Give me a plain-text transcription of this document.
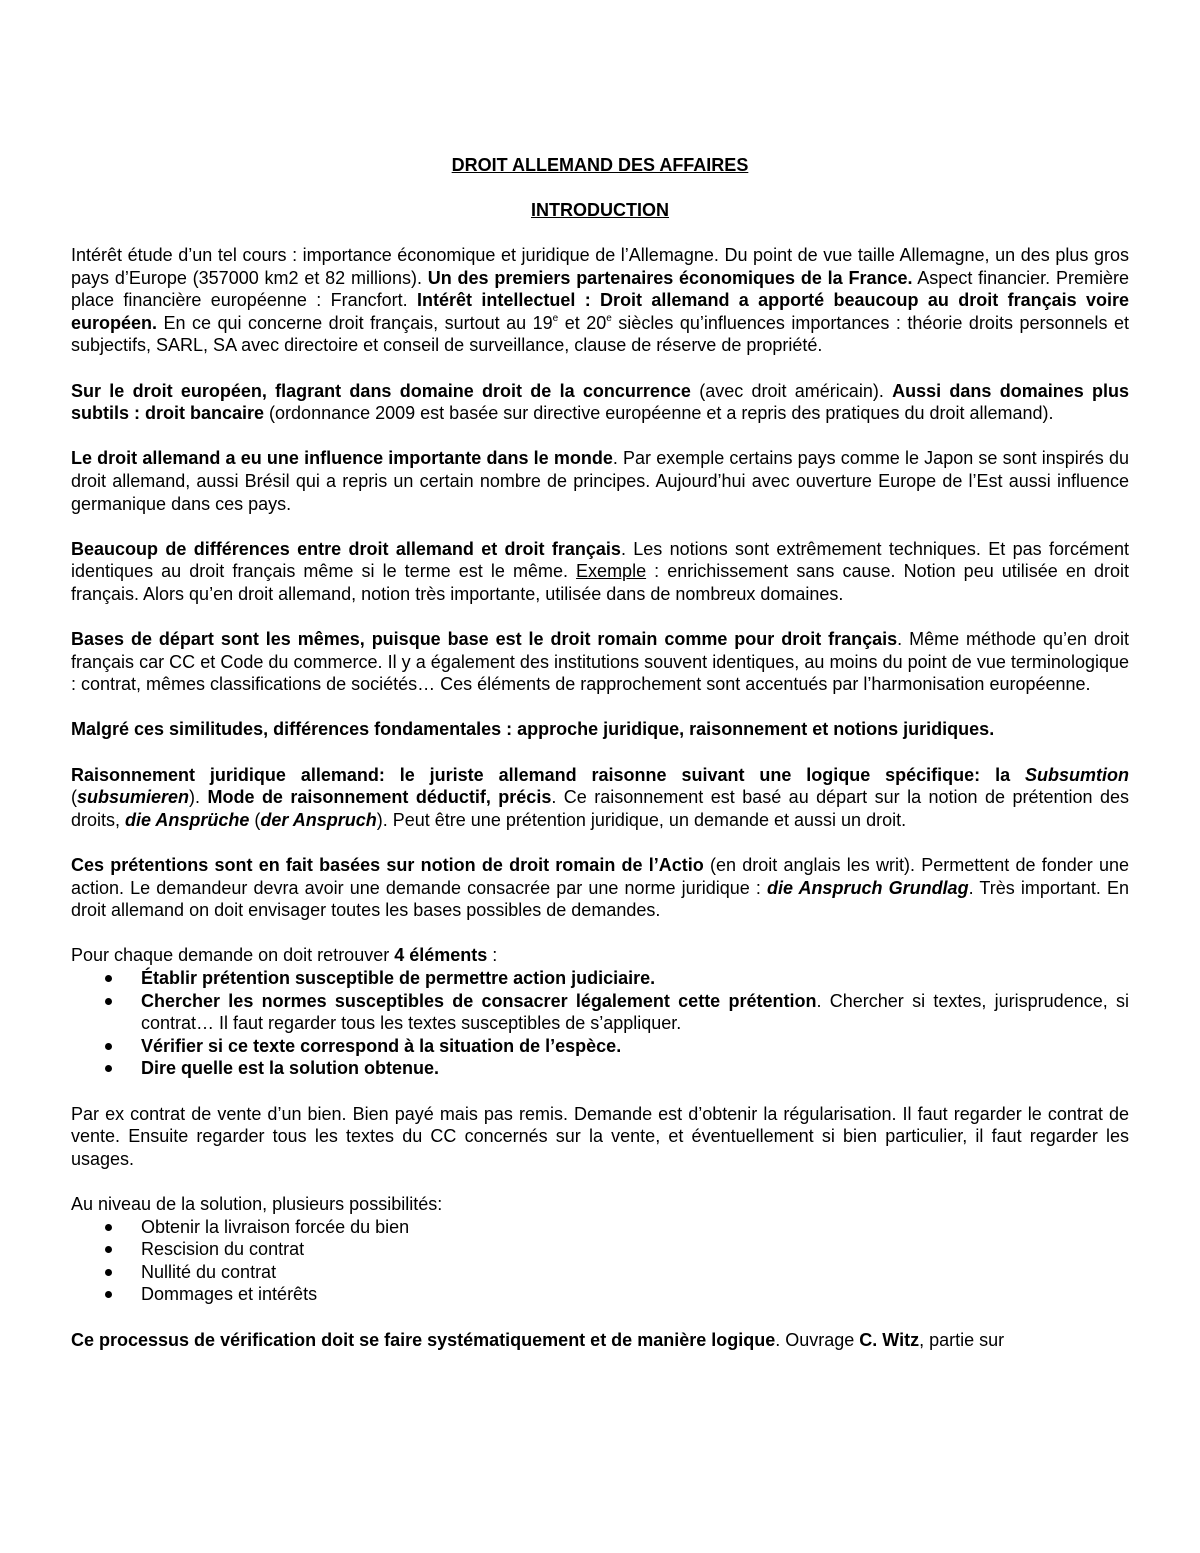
DROIT ALLEMAND DES AFFAIRES
INTRODUCTION

Intérêt étude d’un tel cours : importance économique et juridique de l’Allemagne. Du point de vue taille Allemagne, un des plus gros pays d’Europe (357000 km2 et 82 millions). Un des premiers partenaires économiques de la France. Aspect financier. Première place financière européenne : Francfort. Intérêt intellectuel : Droit allemand a apporté beaucoup au droit français voire européen. En ce qui concerne droit français, surtout au 19e et 20e siècles qu’influences importances : théorie droits personnels et subjectifs, SARL, SA avec directoire et conseil de surveillance, clause de réserve de propriété.

Sur le droit européen, flagrant dans domaine droit de la concurrence (avec droit américain). Aussi dans domaines plus subtils : droit bancaire (ordonnance 2009 est basée sur directive européenne et a repris des pratiques du droit allemand).

Le droit allemand a eu une influence importante dans le monde. Par exemple certains pays comme le Japon se sont inspirés du droit allemand, aussi Brésil qui a repris un certain nombre de principes. Aujourd’hui avec ouverture Europe de l’Est aussi influence germanique dans ces pays.

Beaucoup de différences entre droit allemand et droit français. Les notions sont extrêmement techniques. Et pas forcément identiques au droit français même si le terme est le même. Exemple : enrichissement sans cause. Notion peu utilisée en droit français. Alors qu’en droit allemand, notion très importante, utilisée dans de nombreux domaines.

Bases de départ sont les mêmes, puisque base est le droit romain comme pour droit français. Même méthode qu’en droit français car CC et Code du commerce. Il y a également des institutions souvent identiques, au moins du point de vue terminologique : contrat, mêmes classifications de sociétés… Ces éléments de rapprochement sont accentués par l’harmonisation européenne.

Malgré ces similitudes, différences fondamentales : approche juridique, raisonnement et notions juridiques.

Raisonnement juridique allemand: le juriste allemand raisonne suivant une logique spécifique: la Subsumtion (subsumieren). Mode de raisonnement déductif, précis. Ce raisonnement est basé au départ sur la notion de prétention des droits, die Ansprüche (der Anspruch). Peut être une prétention juridique, un demande et aussi un droit.

Ces prétentions sont en fait basées sur notion de droit romain de l’Actio (en droit anglais les writ). Permettent de fonder une action. Le demandeur devra avoir une demande consacrée par une norme juridique : die Anspruch Grundlag. Très important. En droit allemand on doit envisager toutes les bases possibles de demandes.

Pour chaque demande on doit retrouver 4 éléments :

Établir prétention susceptible de permettre action judiciaire.
Chercher les normes susceptibles de consacrer légalement cette prétention. Chercher si textes, jurisprudence, si contrat… Il faut regarder tous les textes susceptibles de s’appliquer.
Vérifier si ce texte correspond à la situation de l’espèce.
Dire quelle est la solution obtenue.

Par ex contrat de vente d’un bien. Bien payé mais pas remis. Demande est d’obtenir la régularisation. Il faut regarder le contrat de vente. Ensuite regarder tous les textes du CC concernés sur la vente, et éventuellement si bien particulier, il faut regarder les usages.

Au niveau de la solution, plusieurs possibilités:

Obtenir la livraison forcée du bien
Rescision du contrat
Nullité du contrat
Dommages et intérêts

Ce processus de vérification doit se faire systématiquement et de manière logique. Ouvrage C. Witz, partie sur
